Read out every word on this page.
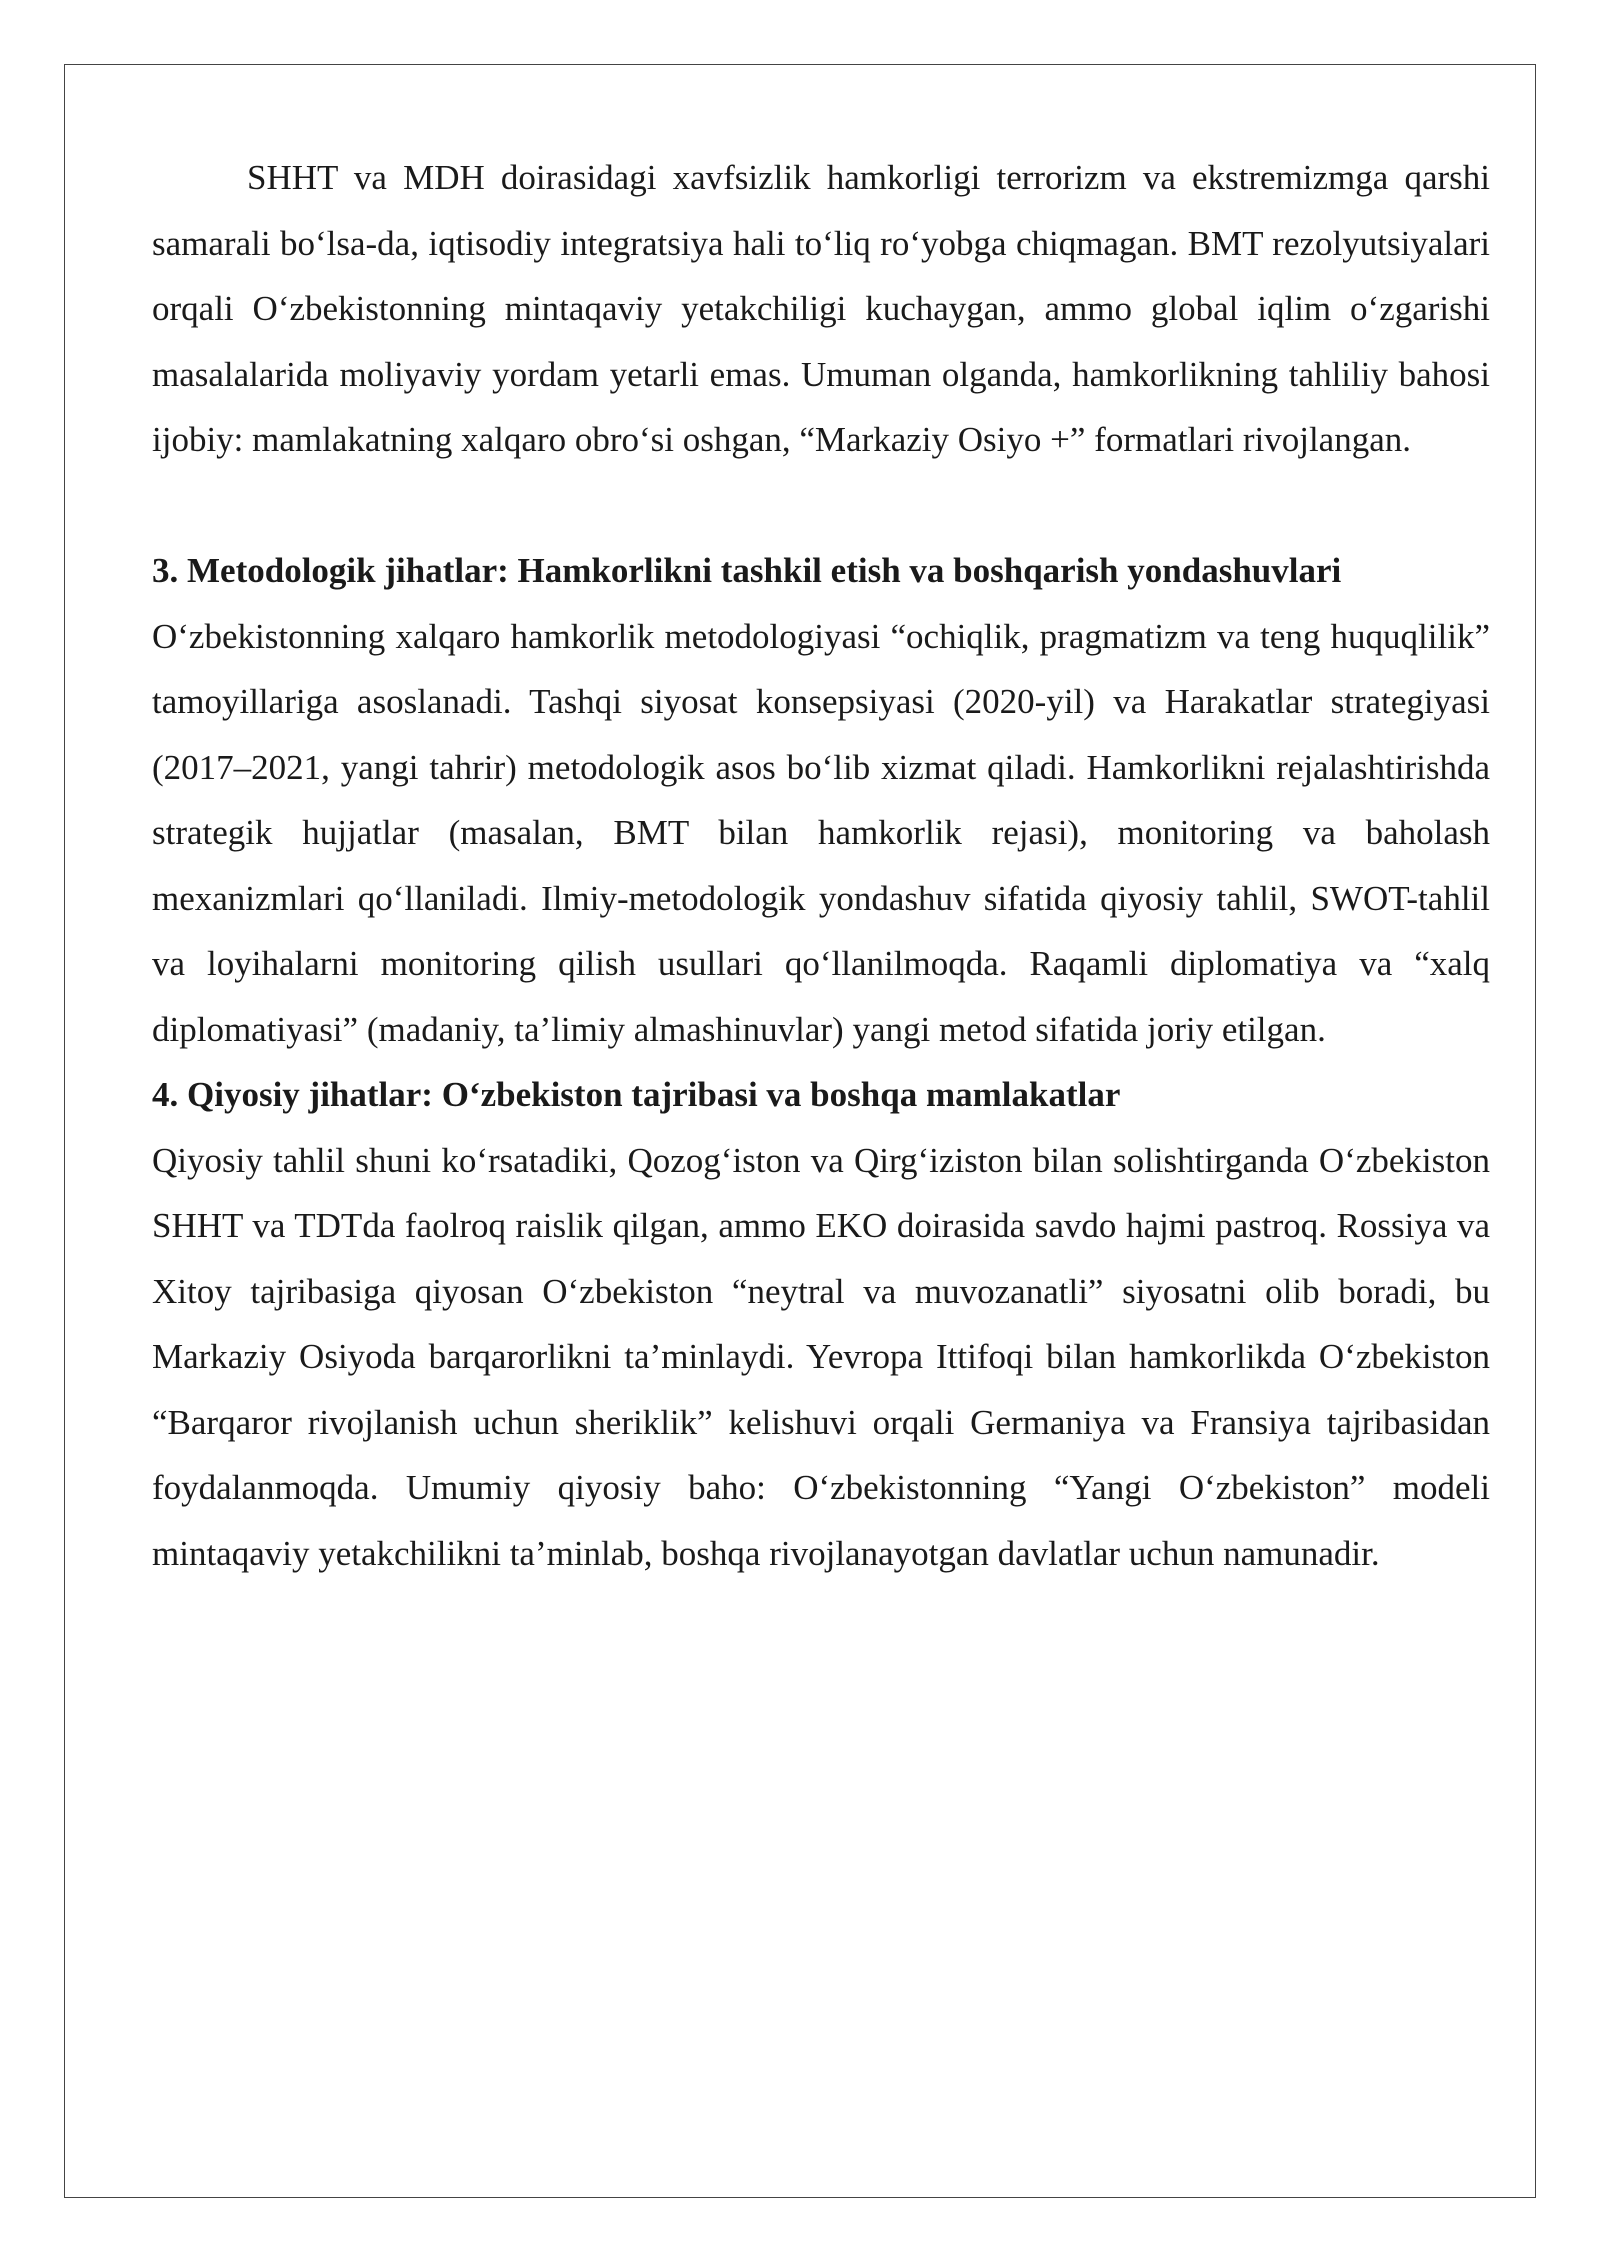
SHHT va MDH doirasidagi xavfsizlik hamkorligi terrorizm va ekstremizmga qarshi samarali bo‘lsa-da, iqtisodiy integratsiya hali to‘liq ro‘yobga chiqmagan. BMT rezolyutsiyalari orqali O‘zbekistonning mintaqaviy yetakchiligi kuchaygan, ammo global iqlim o‘zgarishi masalalarida moliyaviy yordam yetarli emas. Umuman olganda, hamkorlikning tahliliy bahosi ijobiy: mamlakatning xalqaro obro‘si oshgan, “Markaziy Osiyo +” formatlari rivojlangan.

3. Metodologik jihatlar: Hamkorlikni tashkil etish va boshqarish yondashuvlari

O‘zbekistonning xalqaro hamkorlik metodologiyasi “ochiqlik, pragmatizm va teng huquqlilik” tamoyillariga asoslanadi. Tashqi siyosat konsepsiyasi (2020-yil) va Harakatlar strategiyasi (2017–2021, yangi tahrir) metodologik asos bo‘lib xizmat qiladi. Hamkorlikni rejalashtirishda strategik hujjatlar (masalan, BMT bilan hamkorlik rejasi), monitoring va baholash mexanizmlari qo‘llaniladi. Ilmiy-metodologik yondashuv sifatida qiyosiy tahlil, SWOT-tahlil va loyihalarni monitoring qilish usullari qo‘llanilmoqda. Raqamli diplomatiya va “xalq diplomatiyasi” (madaniy, ta’limiy almashinuvlar) yangi metod sifatida joriy etilgan.

4. Qiyosiy jihatlar: O‘zbekiston tajribasi va boshqa mamlakatlar

Qiyosiy tahlil shuni ko‘rsatadiki, Qozog‘iston va Qirg‘iziston bilan solishtirganda O‘zbekiston SHHT va TDTda faolroq raislik qilgan, ammo EKO doirasida savdo hajmi pastroq. Rossiya va Xitoy tajribasiga qiyosan O‘zbekiston “neytral va muvozanatli” siyosatni olib boradi, bu Markaziy Osiyoda barqarorlikni ta’minlaydi. Yevropa Ittifoqi bilan hamkorlikda O‘zbekiston “Barqaror rivojlanish uchun sheriklik” kelishuvi orqali Germaniya va Fransiya tajribasidan foydalanmoqda. Umumiy qiyosiy baho: O‘zbekistonning “Yangi O‘zbekiston” modeli mintaqaviy yetakchilikni ta’minlab, boshqa rivojlanayotgan davlatlar uchun namunadir.
